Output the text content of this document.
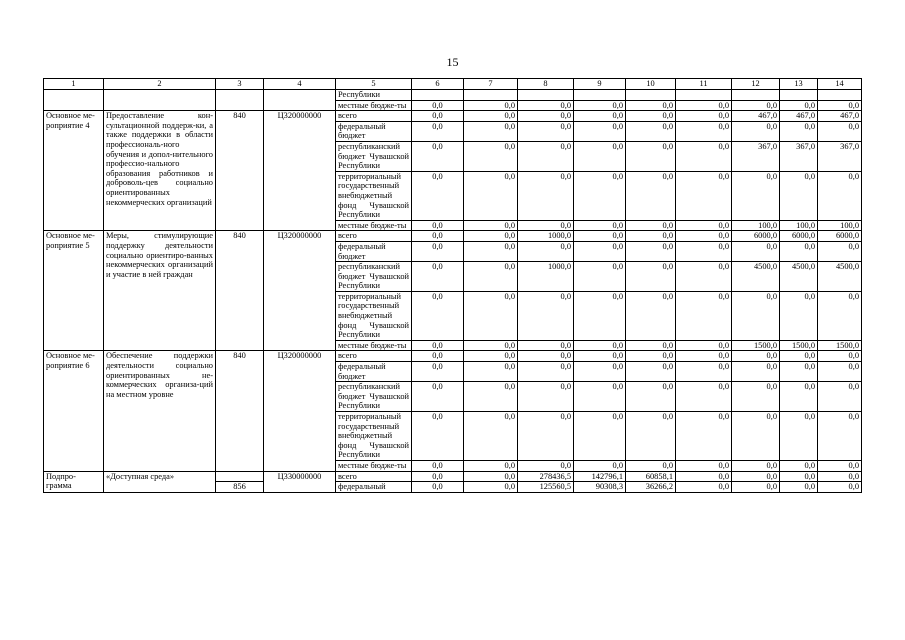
15
1	2	3	4	5	6	7	8	9	10	11	12	13	14
				Республики									
				местные бюдже-ты	0,0	0,0	0,0	0,0	0,0	0,0	0,0	0,0	0,0
Основное ме-роприятие 4	Предоставление кон-сультационной поддерж-ки, а также поддержки в области профессиональ-ного обучения и допол-нительного профессио-нального образования работников и доброволь-цев социально ориентированных некоммерческих организаций	840	Ц320000000	всего	0,0	0,0	0,0	0,0	0,0	0,0	467,0	467,0	467,0
				федеральный бюджет	0,0	0,0	0,0	0,0	0,0	0,0	0,0	0,0	0,0
				республиканский бюджет Чувашской Республики	0,0	0,0	0,0	0,0	0,0	0,0	367,0	367,0	367,0
				территориальный государственный внебюджетный фонд Чувашской Республики	0,0	0,0	0,0	0,0	0,0	0,0	0,0	0,0	0,0
				местные бюдже-ты	0,0	0,0	0,0	0,0	0,0	0,0	100,0	100,0	100,0
Основное ме-роприятие 5	Меры, стимулирующие поддержку деятельности социально ориентиро-ванных некоммерческих организаций и участие в ней граждан	840	Ц320000000	всего	0,0	0,0	1000,0	0,0	0,0	0,0	6000,0	6000,0	6000,0
				федеральный бюджет	0,0	0,0	0,0	0,0	0,0	0,0	0,0	0,0	0,0
				республиканский бюджет Чувашской Республики	0,0	0,0	1000,0	0,0	0,0	0,0	4500,0	4500,0	4500,0
				территориальный государственный внебюджетный фонд Чувашской Республики	0,0	0,0	0,0	0,0	0,0	0,0	0,0	0,0	0,0
				местные бюдже-ты	0,0	0,0	0,0	0,0	0,0	0,0	1500,0	1500,0	1500,0
Основное ме-роприятие 6	Обеспечение поддержки деятельности социально ориентированных не-коммерческих организа-ций на местном уровне	840	Ц320000000	всего	0,0	0,0	0,0	0,0	0,0	0,0	0,0	0,0	0,0
				федеральный бюджет	0,0	0,0	0,0	0,0	0,0	0,0	0,0	0,0	0,0
				республиканский бюджет Чувашской Республики	0,0	0,0	0,0	0,0	0,0	0,0	0,0	0,0	0,0
				территориальный государственный внебюджетный фонд Чувашской Республики	0,0	0,0	0,0	0,0	0,0	0,0	0,0	0,0	0,0
				местные бюдже-ты	0,0	0,0	0,0	0,0	0,0	0,0	0,0	0,0	0,0
Подпро-грамма	«Доступная среда»		Ц330000000	всего	0,0	0,0	278436,5	142796,1	60858,1	0,0	0,0	0,0	0,0
		856		федеральный	0,0	0,0	125560,5	90308,3	36266,2	0,0	0,0	0,0	0,0
